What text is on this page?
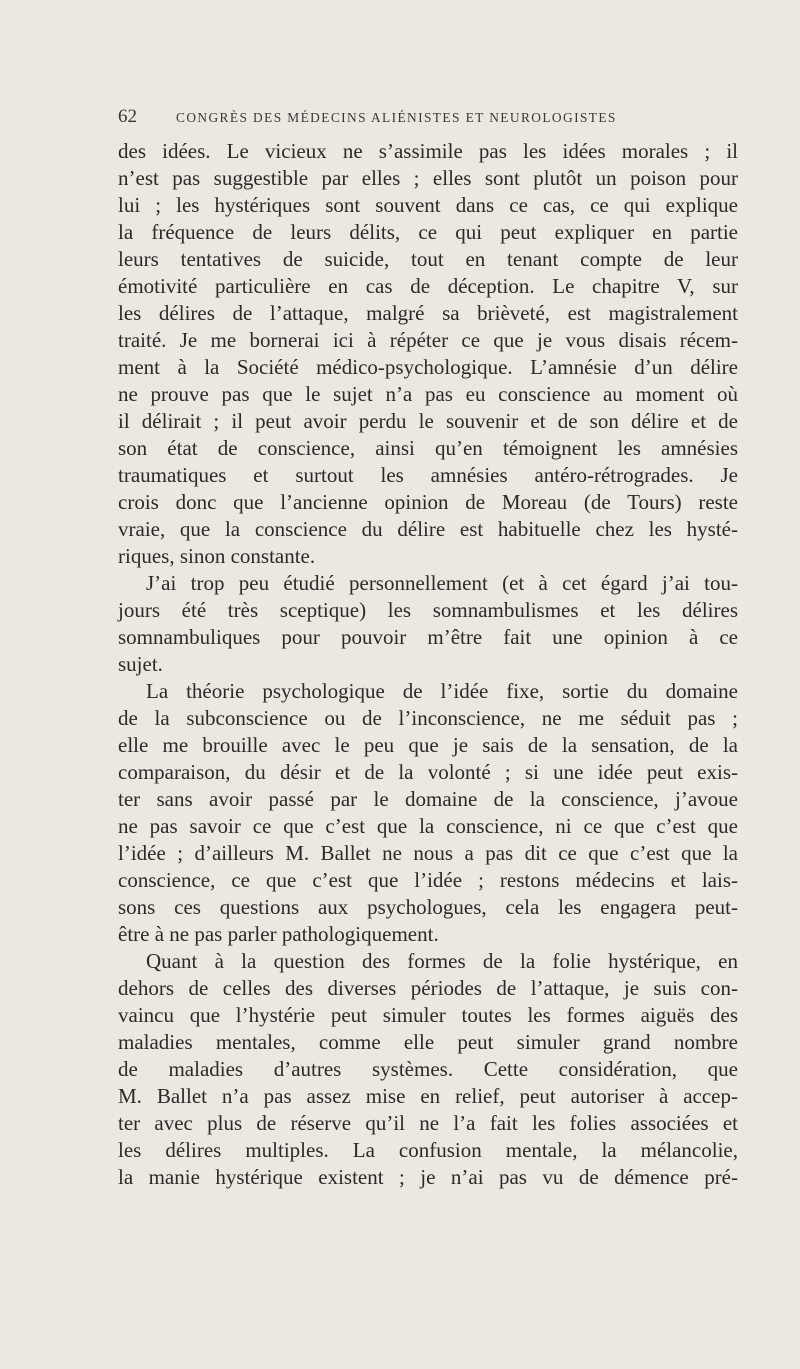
62	CONGRÈS DES MÉDECINS ALIÉNISTES ET NEUROLOGISTES
des idées. Le vicieux ne s’assimile pas les idées morales ; il
n’est pas suggestible par elles ; elles sont plutôt un poison pour
lui ; les hystériques sont souvent dans ce cas, ce qui explique
la fréquence de leurs délits, ce qui peut expliquer en partie
leurs tentatives de suicide, tout en tenant compte de leur
émotivité particulière en cas de déception. Le chapitre V, sur
les délires de l’attaque, malgré sa brièveté, est magistralement
traité. Je me bornerai ici à répéter ce que je vous disais récem-
ment à la Société médico-psychologique. L’amnésie d’un délire
ne prouve pas que le sujet n’a pas eu conscience au moment où
il délirait ; il peut avoir perdu le souvenir et de son délire et de
son état de conscience, ainsi qu’en témoignent les amnésies
traumatiques et surtout les amnésies antéro-rétrogrades. Je
crois donc que l’ancienne opinion de Moreau (de Tours) reste
vraie, que la conscience du délire est habituelle chez les hysté-
riques, sinon constante.
J’ai trop peu étudié personnellement (et à cet égard j’ai tou-
jours été très sceptique) les somnambulismes et les délires
somnambuliques pour pouvoir m’être fait une opinion à ce
sujet.
La théorie psychologique de l’idée fixe, sortie du domaine
de la subconscience ou de l’inconscience, ne me séduit pas ;
elle me brouille avec le peu que je sais de la sensation, de la
comparaison, du désir et de la volonté ; si une idée peut exis-
ter sans avoir passé par le domaine de la conscience, j’avoue
ne pas savoir ce que c’est que la conscience, ni ce que c’est que
l’idée ; d’ailleurs M. Ballet ne nous a pas dit ce que c’est que la
conscience, ce que c’est que l’idée ; restons médecins et lais-
sons ces questions aux psychologues, cela les engagera peut-
être à ne pas parler pathologiquement.
Quant à la question des formes de la folie hystérique, en
dehors de celles des diverses périodes de l’attaque, je suis con-
vaincu que l’hystérie peut simuler toutes les formes aiguës des
maladies mentales, comme elle peut simuler grand nombre
de maladies d’autres systèmes. Cette considération, que
M. Ballet n’a pas assez mise en relief, peut autoriser à accep-
ter avec plus de réserve qu’il ne l’a fait les folies associées et
les délires multiples. La confusion mentale, la mélancolie,
la manie hystérique existent ; je n’ai pas vu de démence pré-
